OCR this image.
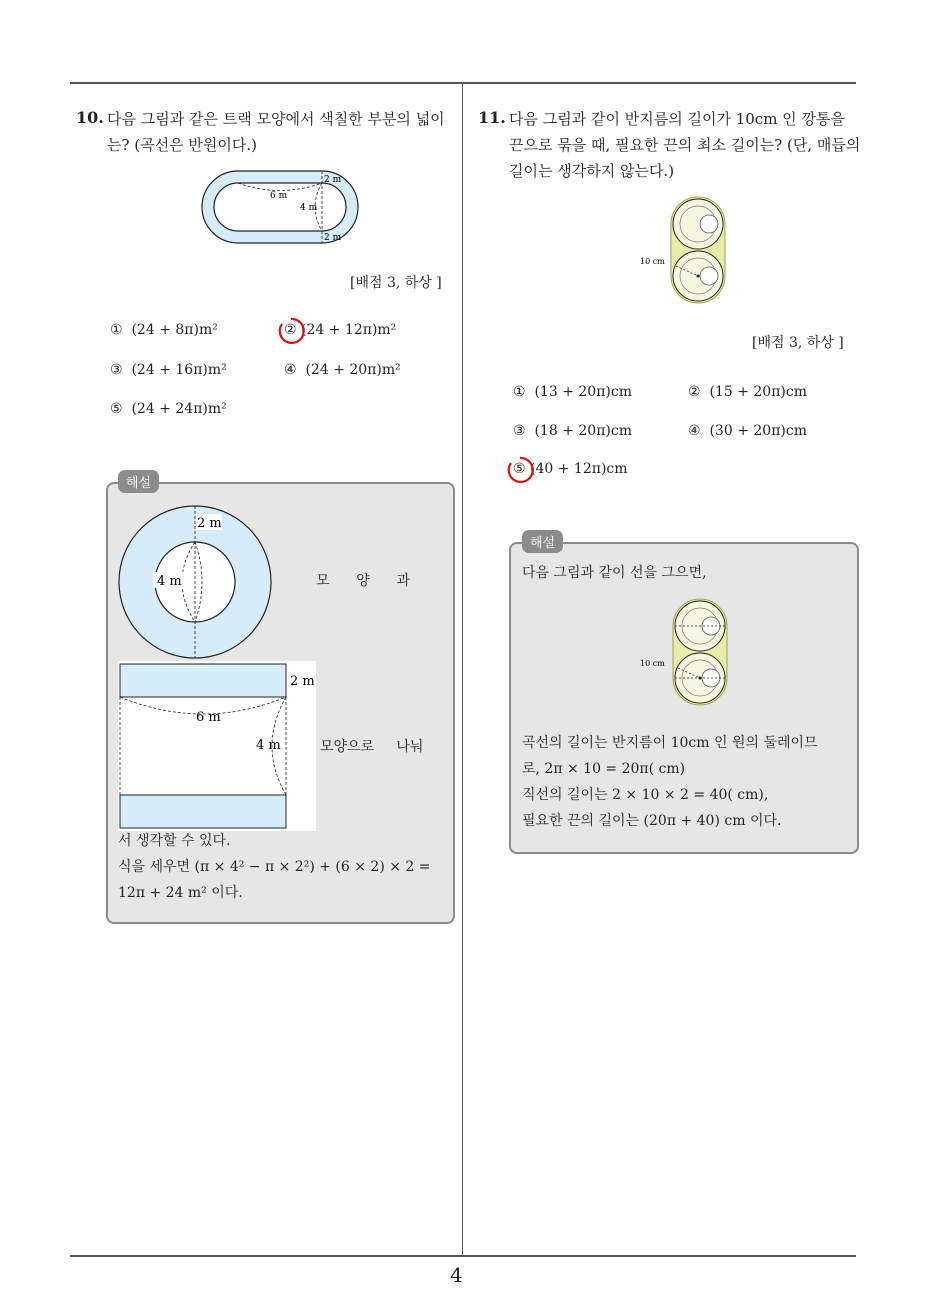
4
10. 다음 그림과 같은 트랙 모양에서 색칠한 부분의 넓이
는? (곡선은 반원이다.)
6 m
4 m
2 m
2 m
[배점 3, 하상 ]
① (24 + 8π)m²	② (24 + 12π)m²
③ (24 + 16π)m²	④ (24 + 20π)m²
⑤ (24 + 24π)m²
해설
2 m
4 m	모      양      과
2 m
6 m
4 m	모양으로     나눠
서 생각할 수 있다.
식을 세우면 (π × 4² − π × 2²) + (6 × 2) × 2 =
12π + 24 m² 이다.
11. 다음 그림과 같이 반지름의 길이가 10cm 인 깡통을
끈으로 묶을 때, 필요한 끈의 최소 길이는? (단, 매듭의
길이는 생각하지 않는다.)
10 cm
[배점 3, 하상 ]
① (13 + 20π)cm	② (15 + 20π)cm
③ (18 + 20π)cm	④ (30 + 20π)cm
⑤ (40 + 12π)cm
해설
다음 그림과 같이 선을 그으면,
10 cm
곡선의 길이는 반지름이 10cm 인 원의 둘레이므
로, 2π × 10 = 20π( cm)
직선의 길이는 2 × 10 × 2 = 40( cm),
필요한 끈의 길이는 (20π + 40) cm 이다.
